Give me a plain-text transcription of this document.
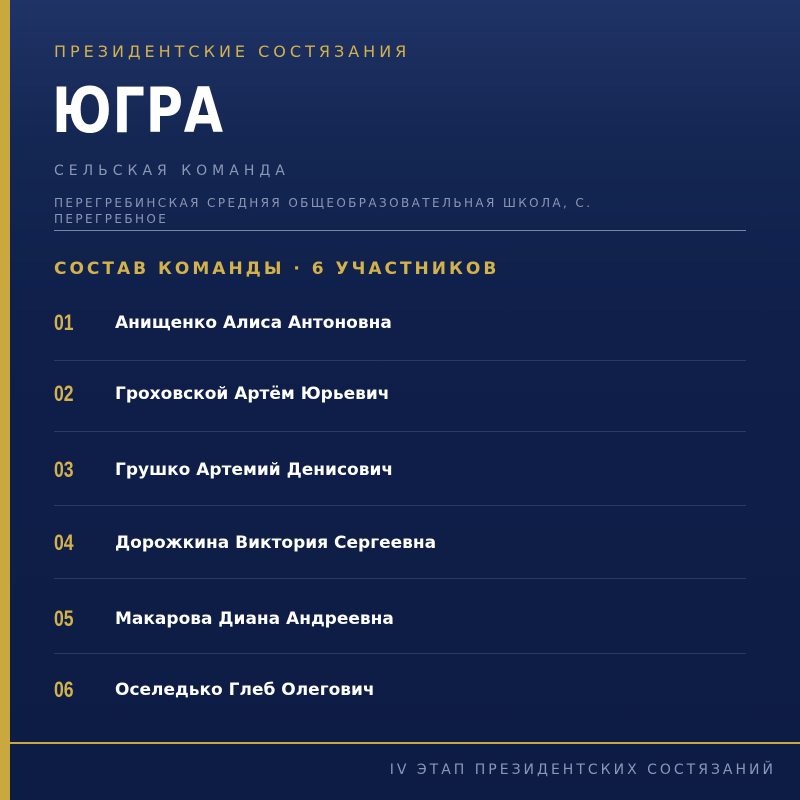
ПРЕЗИДЕНТСКИЕ СОСТЯЗАНИЯ
ЮГРА
СЕЛЬСКАЯ КОМАНДА
ПЕРЕГРЕБИНСКАЯ СРЕДНЯЯ ОБЩЕОБРАЗОВАТЕЛЬНАЯ ШКОЛА, С. ПЕРЕГРЕБНОЕ
СОСТАВ КОМАНДЫ · 6 УЧАСТНИКОВ
01 Анищенко Алиса Антоновна
02 Гроховской Артём Юрьевич
03 Грушко Артемий Денисович
04 Дорожкина Виктория Сергеевна
05 Макарова Диана Андреевна
06 Оселедько Глеб Олегович
IV ЭТАП ПРЕЗИДЕНТСКИХ СОСТЯЗАНИЙ
